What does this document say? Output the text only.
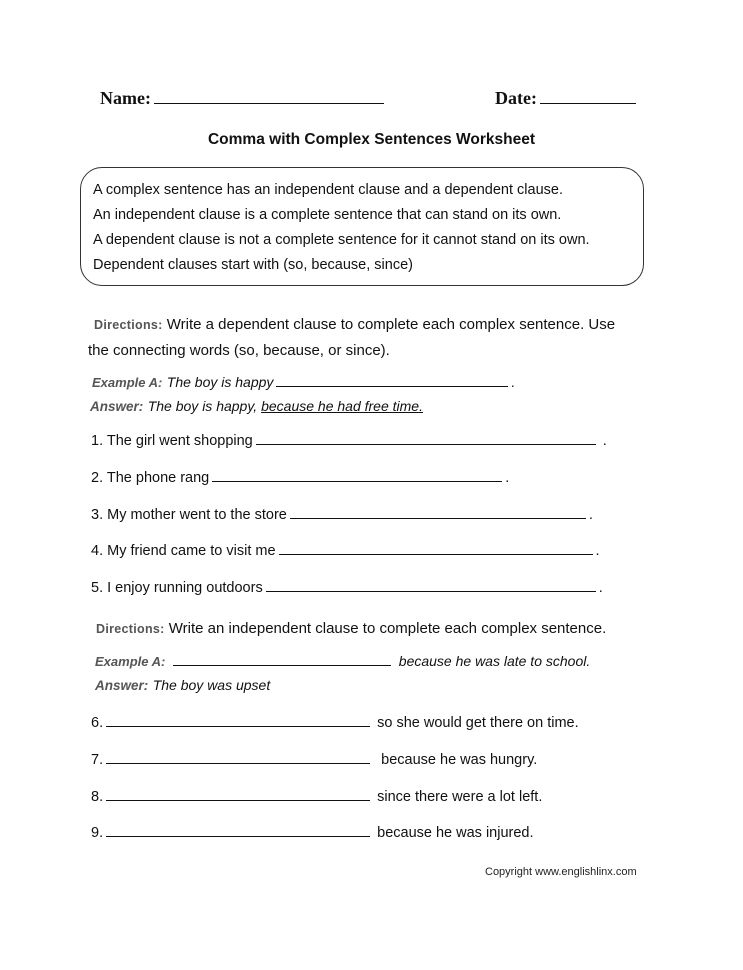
Name:	Date:
Comma with Complex Sentences Worksheet
A complex sentence has an independent clause and a dependent clause.
An independent clause is a complete sentence that can stand on its own.
A dependent clause is not a complete sentence for it cannot stand on its own.
Dependent clauses start with (so, because, since)
Directions: Write a dependent clause to complete each complex sentence. Use
the connecting words (so, because, or since).
Example A: The boy is happy	.
Answer: The boy is happy, because he had free time.
1. The girl went shopping	.
2. The phone rang	.
3. My mother went to the store	.
4. My friend came to visit me	.
5. I enjoy running outdoors	.
Directions: Write an independent clause to complete each complex sentence.
Example A:	because he was late to school.
Answer: The boy was upset
6.	so she would get there on time.
7.	because he was hungry.
8.	since there were a lot left.
9.	because he was injured.
Copyright www.englishlinx.com
